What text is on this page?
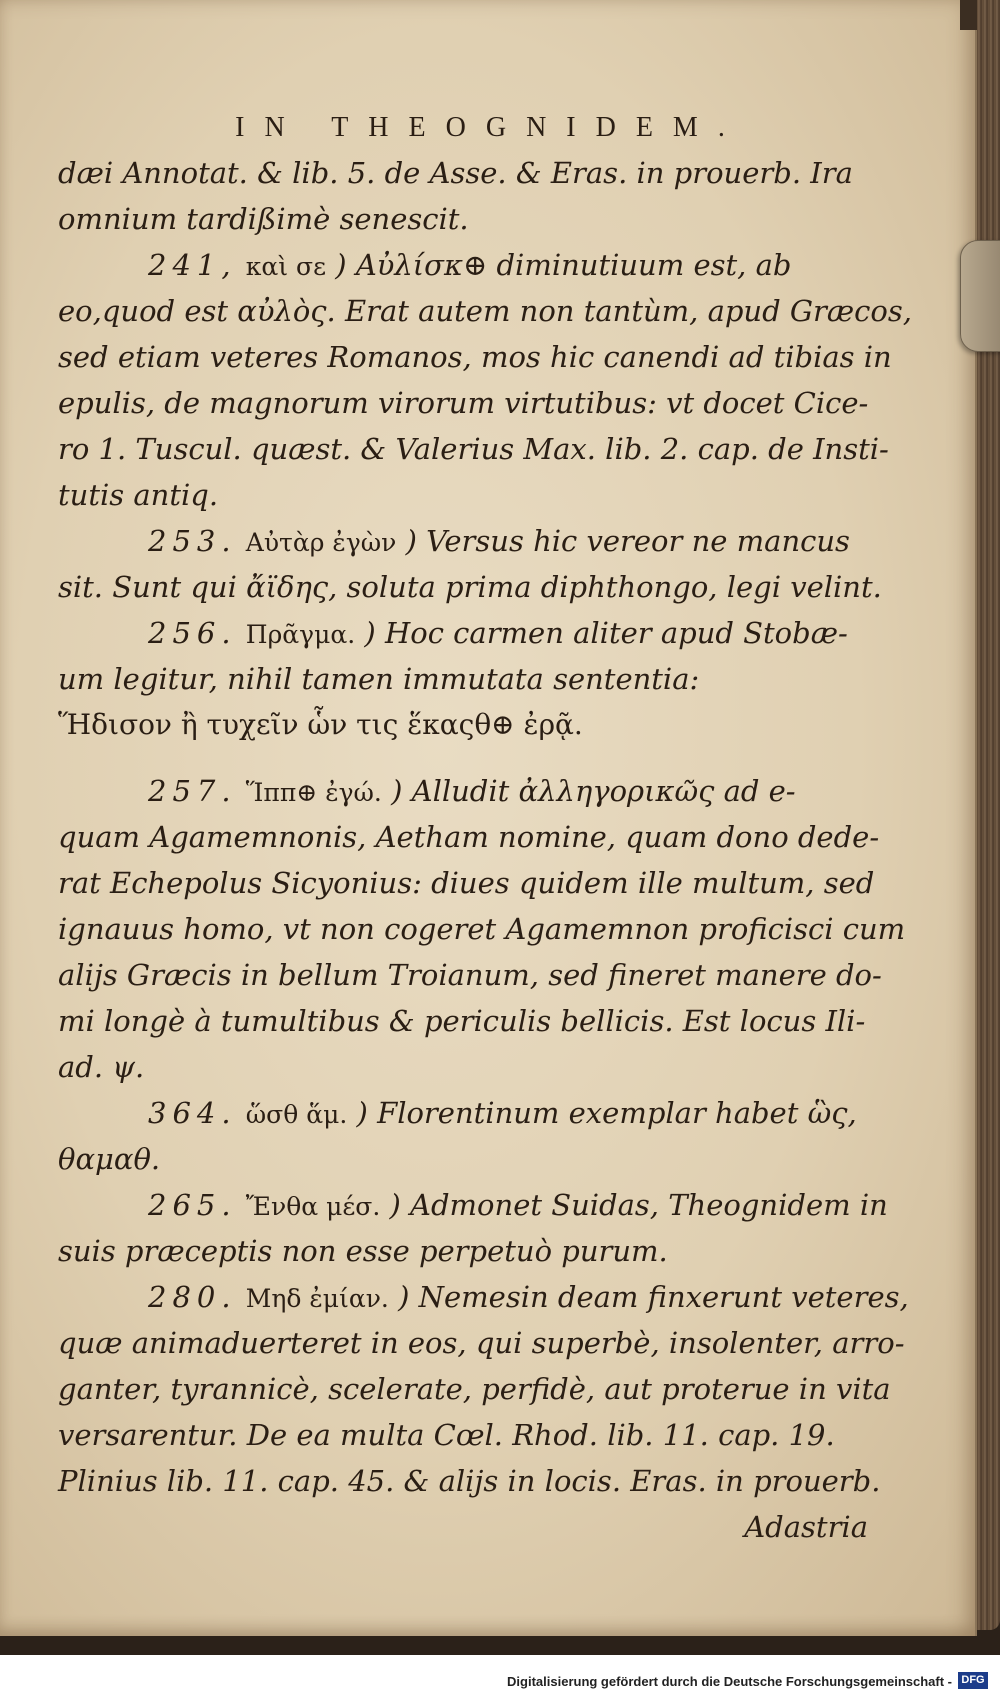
IN THEOGNIDEM.
dæi Annotat. & lib. 5. de Asse. & Eras. in prouerb. Ira
omnium tardißimè senescit.
241, καὶ σε ) Αὐλίσκ⊕ diminutiuum est, ab
eo,quod est αὐλὸς. Erat autem non tantùm, apud Græcos,
sed etiam veteres Romanos, mos hic canendi ad tibias in
epulis, de magnorum virorum virtutibus: vt docet Cice-
ro 1. Tuscul. quæst. & Valerius Max. lib. 2. cap. de Insti-
tutis antiq.
253. Αὐτὰρ ἐγὼν ) Versus hic vereor ne mancus
sit. Sunt qui ἄϊδης, soluta prima diphthongo, legi velint.
256. Πρᾶγμα. ) Hoc carmen aliter apud Stobæ-
um legitur, nihil tamen immutata sententia:
Ἥδισον ἢ τυχεῖν ὧν τις ἕκαςθ⊕ ἐρᾷ.
257. Ἵππ⊕ ἐγώ. ) Alludit ἀλληγορικῶς ad e-
quam Agamemnonis, Aetham nomine, quam dono dede-
rat Echepolus Sicyonius: diues quidem ille multum, sed
ignauus homo, vt non cogeret Agamemnon proficisci cum
alijs Græcis in bellum Troianum, sed fineret manere do-
mi longè à tumultibus & periculis bellicis. Est locus Ili-
ad. ψ.
364. ὥσθ ἅμ. ) Florentinum exemplar habet ὣς,
θαμαθ.
265. Ἔνθα μέσ. ) Admonet Suidas, Theognidem in
suis præceptis non esse perpetuò purum.
280. Μηδ ἐμίαν. ) Nemesin deam finxerunt veteres,
quæ animaduerteret in eos, qui superbè, insolenter, arro-
ganter, tyrannicè, scelerate, perfidè, aut proterue in vita
versarentur. De ea multa Cœl. Rhod. lib. 11. cap. 19.
Plinius lib. 11. cap. 45. & alijs in locis. Eras. in prouerb.
Adastria
Digitalisierung gefördert durch die Deutsche Forschungsgemeinschaft - DFG
